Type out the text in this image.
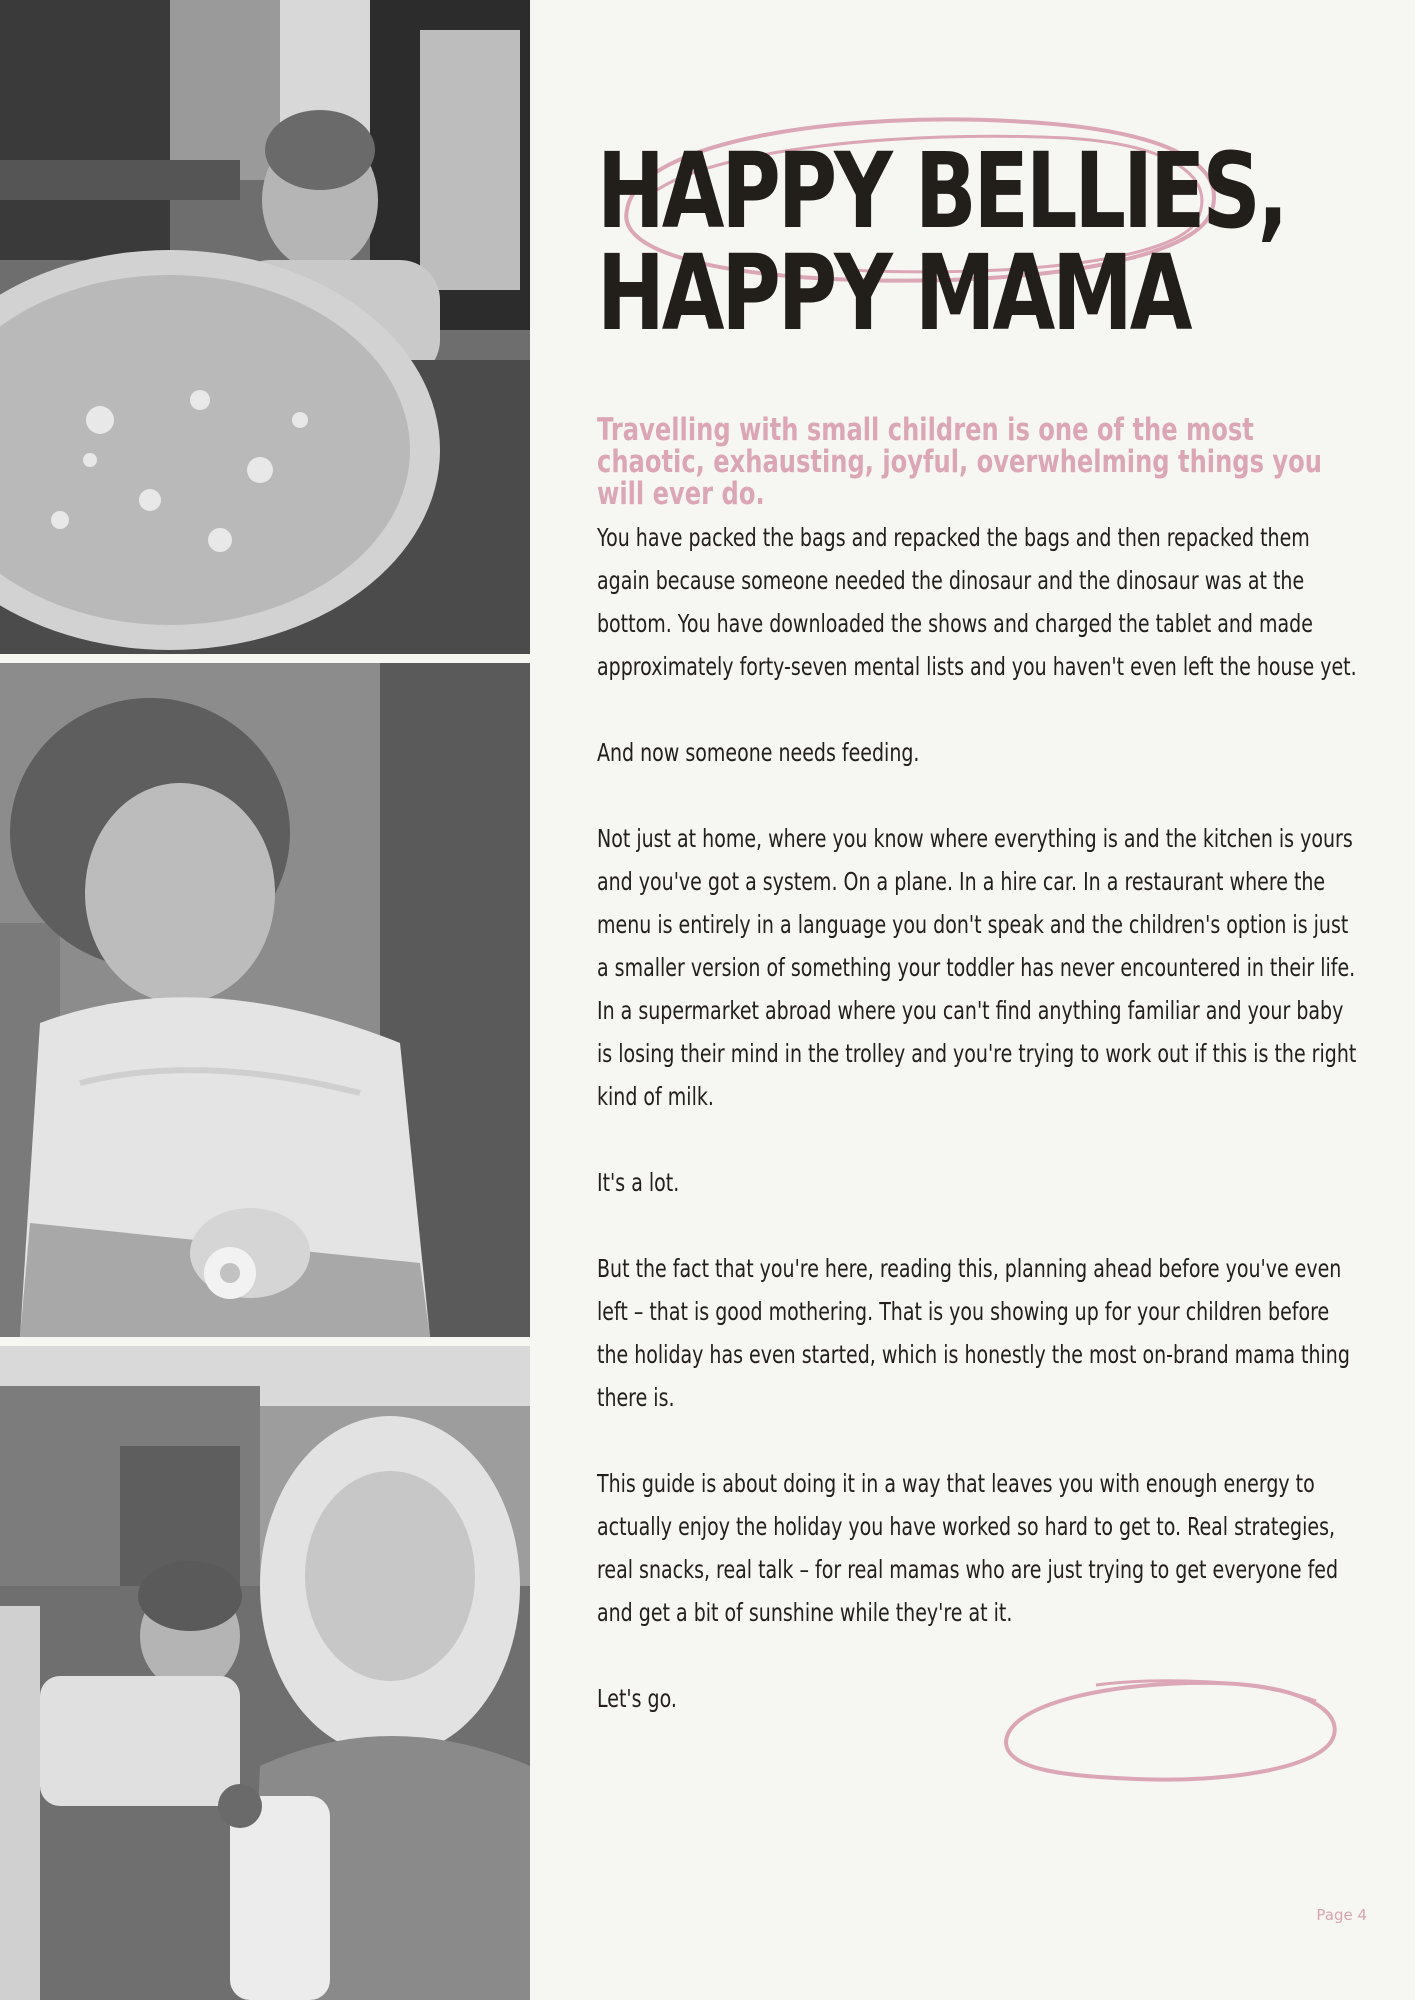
HAPPY BELLIES,
HAPPY MAMA

Travelling with small children is one of the most chaotic, exhausting, joyful, overwhelming things you will ever do.

You have packed the bags and repacked the bags and then repacked them again because someone needed the dinosaur and the dinosaur was at the bottom. You have downloaded the shows and charged the tablet and made approximately forty-seven mental lists and you haven't even left the house yet.

And now someone needs feeding.

Not just at home, where you know where everything is and the kitchen is yours and you've got a system. On a plane. In a hire car. In a restaurant where the menu is entirely in a language you don't speak and the children's option is just a smaller version of something your toddler has never encountered in their life. In a supermarket abroad where you can't find anything familiar and your baby is losing their mind in the trolley and you're trying to work out if this is the right kind of milk.

It's a lot.

But the fact that you're here, reading this, planning ahead before you've even left – that is good mothering. That is you showing up for your children before the holiday has even started, which is honestly the most on-brand mama thing there is.

This guide is about doing it in a way that leaves you with enough energy to actually enjoy the holiday you have worked so hard to get to. Real strategies, real snacks, real talk – for real mamas who are just trying to get everyone fed and get a bit of sunshine while they're at it.

Let's go.

Page 4
